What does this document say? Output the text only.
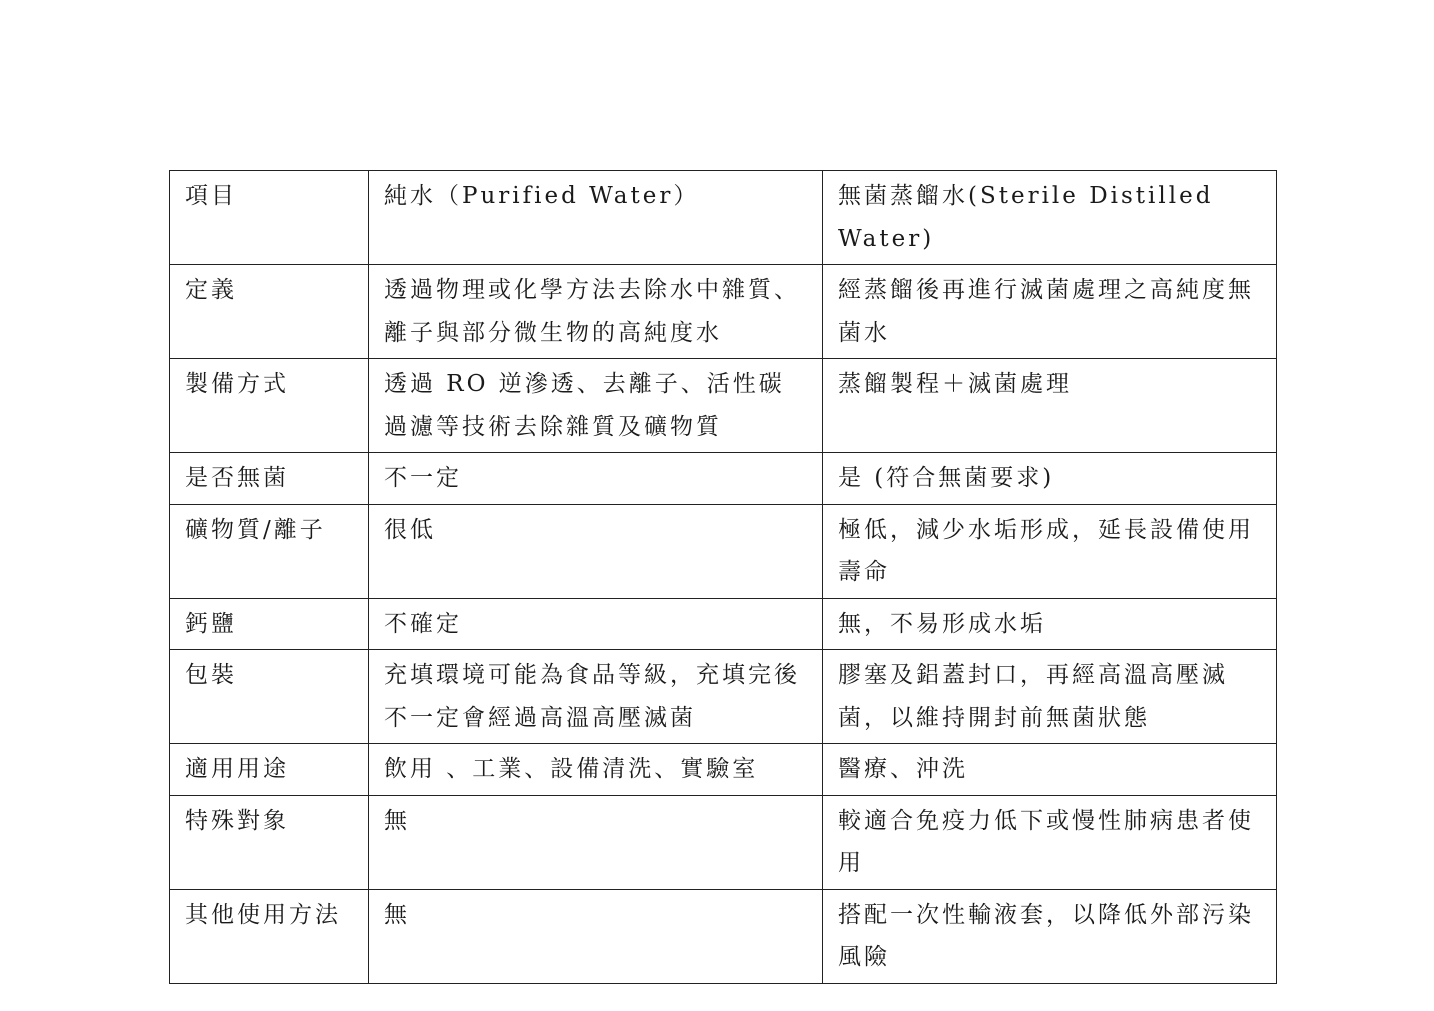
項目	純水（Purified Water）	無菌蒸餾水(Sterile Distilled Water)
定義	透過物理或化學方法去除水中雜質、離子與部分微生物的高純度水	經蒸餾後再進行滅菌處理之高純度無菌水
製備方式	透過 RO 逆滲透、去離子、活性碳過濾等技術去除雜質及礦物質	蒸餾製程＋滅菌處理
是否無菌	不一定	是 (符合無菌要求)
礦物質/離子	很低	極低，減少水垢形成，延長設備使用壽命
鈣鹽	不確定	無，不易形成水垢
包裝	充填環境可能為食品等級，充填完後不一定會經過高溫高壓滅菌	膠塞及鋁蓋封口，再經高溫高壓滅菌，以維持開封前無菌狀態
適用用途	飲用 、工業、設備清洗、實驗室	醫療、沖洗
特殊對象	無	較適合免疫力低下或慢性肺病患者使用
其他使用方法	無	搭配一次性輸液套，以降低外部污染風險
